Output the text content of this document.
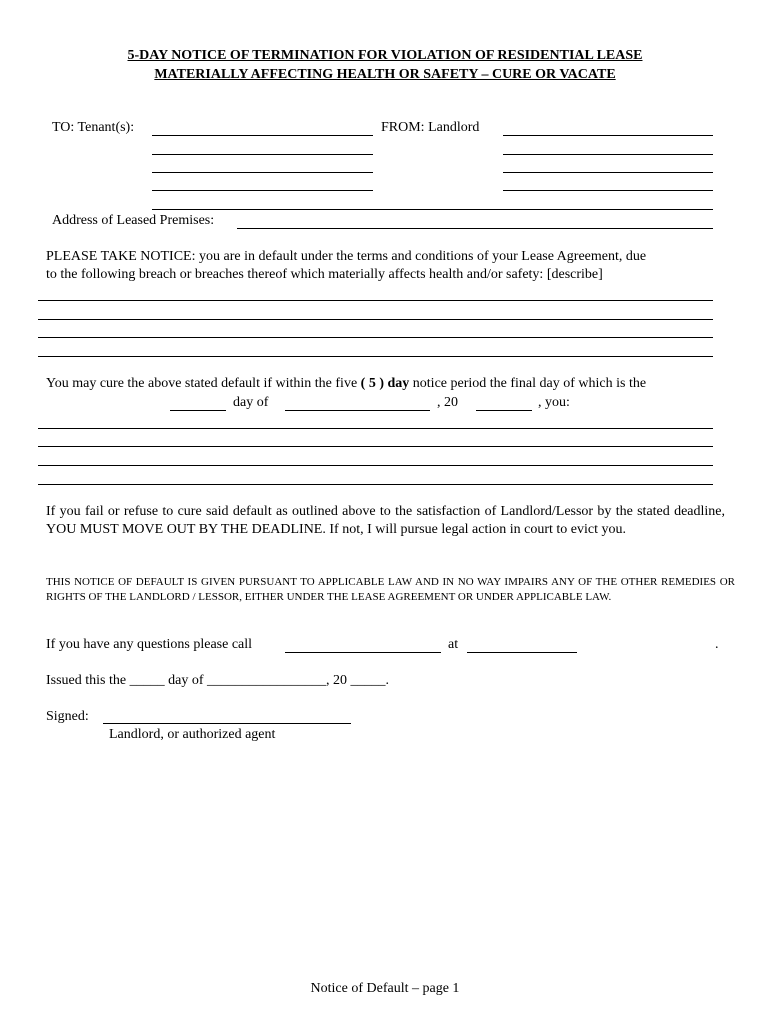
5-DAY NOTICE OF TERMINATION FOR VIOLATION OF RESIDENTIAL LEASE
MATERIALLY AFFECTING HEALTH OR SAFETY – CURE OR VACATE
TO: Tenant(s):	FROM: Landlord
Address of Leased Premises:
PLEASE TAKE NOTICE: you are in default under the terms and conditions of your Lease Agreement, due
to the following breach or breaches thereof which materially affects health and/or safety: [describe]
You may cure the above stated default if within the five ( 5 ) day notice period the final day of which is the
day of	, 20	, you:
If you fail or refuse to cure said default as outlined above to the satisfaction of Landlord/Lessor by the stated deadline, YOU MUST MOVE OUT BY THE DEADLINE. If not, I will pursue legal action in court to evict you.
THIS NOTICE OF DEFAULT IS GIVEN PURSUANT TO APPLICABLE LAW AND IN NO WAY IMPAIRS ANY OF THE OTHER REMEDIES OR RIGHTS OF THE LANDLORD / LESSOR, EITHER UNDER THE LEASE AGREEMENT OR UNDER APPLICABLE LAW.
If you have any questions please call	at	.
Issued this the _____ day of _________________, 20 _____.
Signed:
Landlord, or authorized agent
Notice of Default – page 1
